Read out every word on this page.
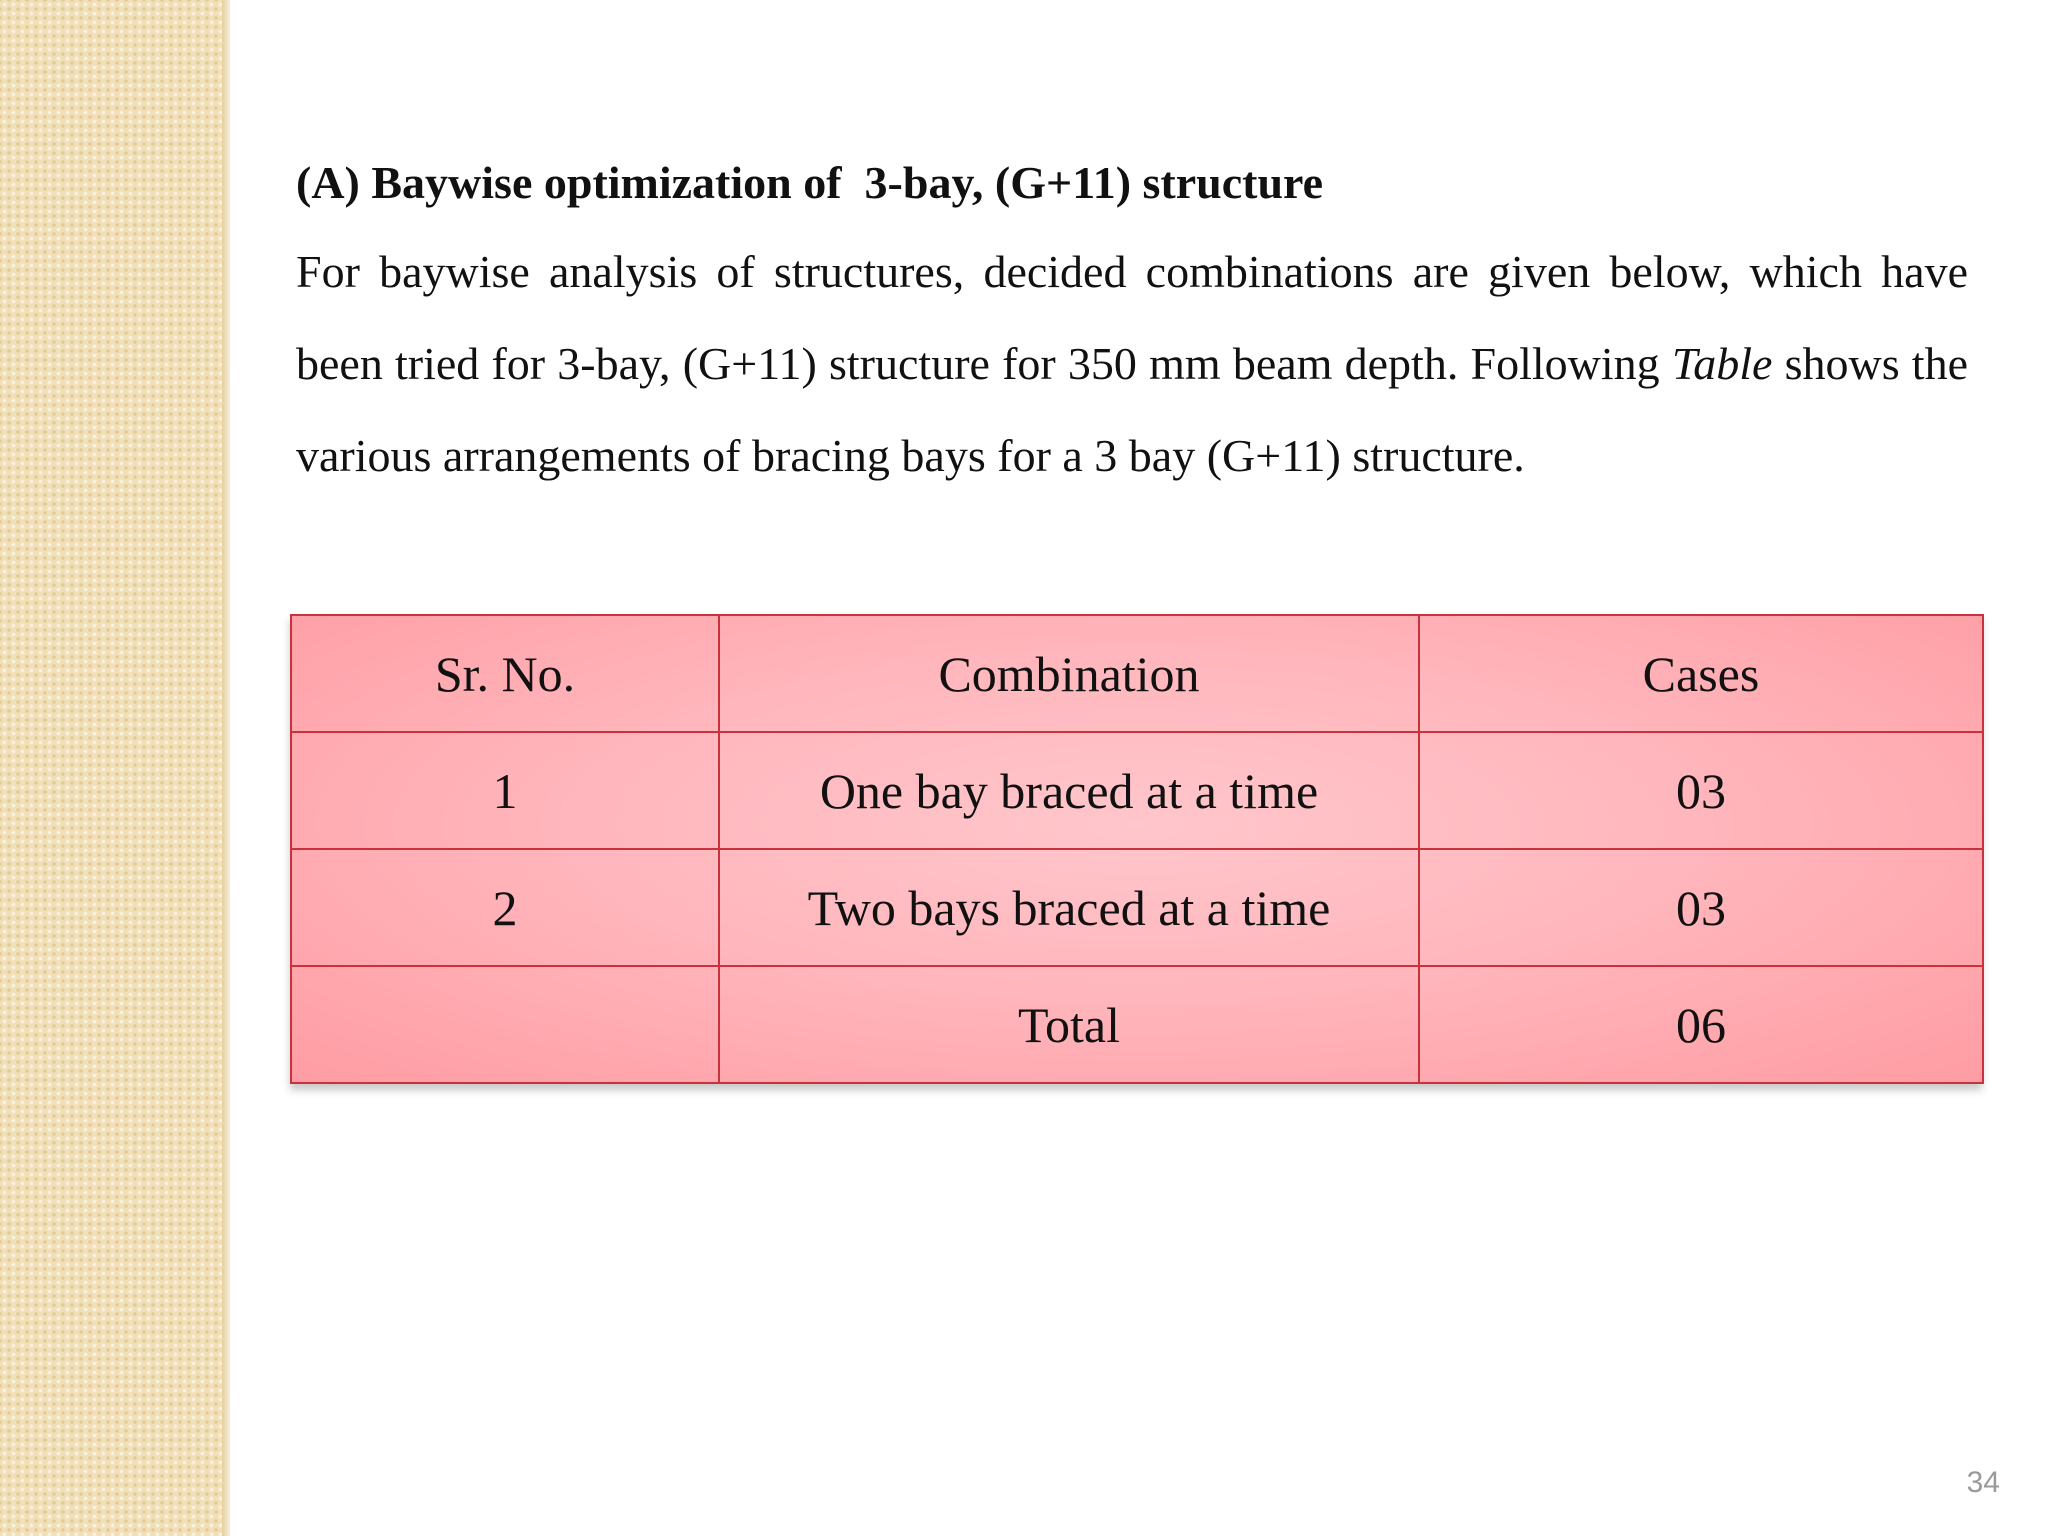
(A) Baywise optimization of  3-bay, (G+11) structure

For baywise analysis of structures, decided combinations are given below, which have been tried for 3-bay, (G+11) structure for 350 mm beam depth. Following Table shows the various arrangements of bracing bays for a 3 bay (G+11) structure.

Sr. No.	Combination	Cases
1	One bay braced at a time	03
2	Two bays braced at a time	03
	Total	06
34
